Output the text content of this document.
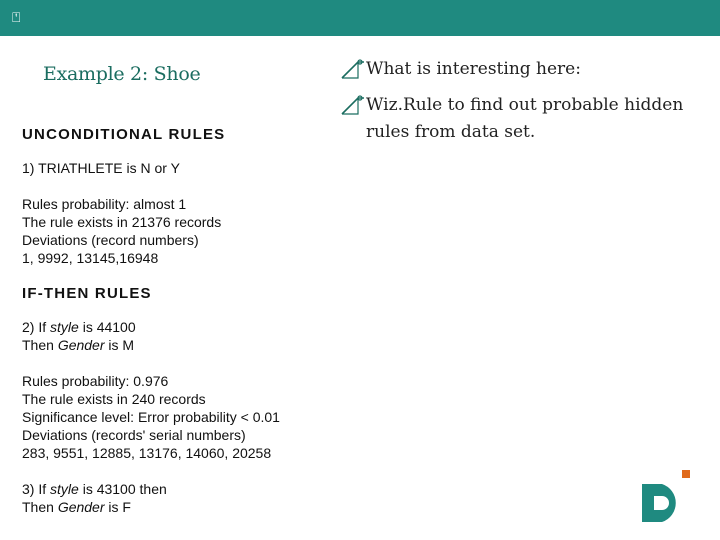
⍞
Example 2: Shoe

UNCONDITIONAL RULES

1) TRIATHLETE is N or Y

Rules probability: almost 1

The rule exists in 21376 records

Deviations (record numbers)

1, 9992, 13145,16948

IF-THEN RULES

2) If style is 44100

Then Gender is M

Rules probability: 0.976

The rule exists in 240 records

Significance level: Error probability < 0.01

Deviations (records' serial numbers)

283, 9551, 12885, 13176, 14060, 20258

3) If style is 43100 then

Then Gender is F

What is interesting here:
Wiz.Rule to find out probable hidden rules from data set.
